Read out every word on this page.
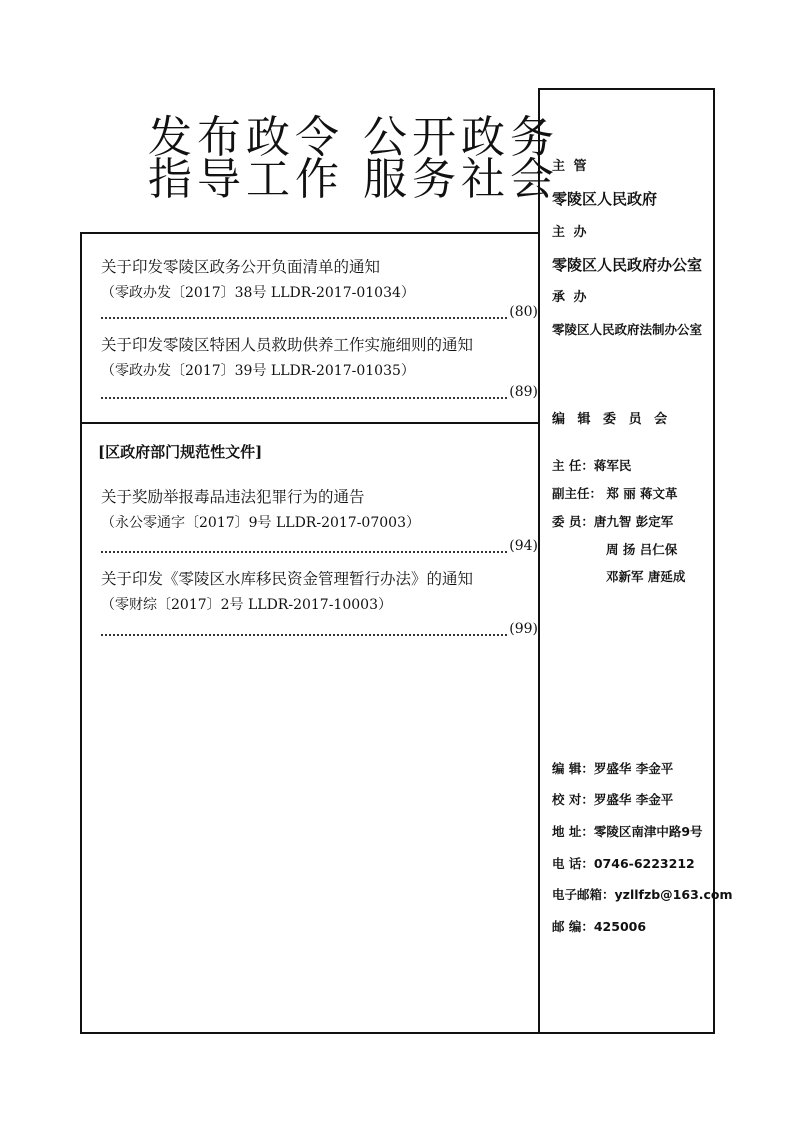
发布政令 公开政务
指导工作 服务社会
关于印发零陵区政务公开负面清单的通知
（零政办发〔2017〕38号 LLDR-2017-01034）
(80)
关于印发零陵区特困人员救助供养工作实施细则的通知
（零政办发〔2017〕39号 LLDR-2017-01035）
(89)
[区政府部门规范性文件]
关于奖励举报毒品违法犯罪行为的通告
（永公零通字〔2017〕9号 LLDR-2017-07003）
(94)
关于印发《零陵区水库移民资金管理暂行办法》的通知
（零财综〔2017〕2号 LLDR-2017-10003）
(99)
主 管
零陵区人民政府
主 办
零陵区人民政府办公室
承 办
零陵区人民政府法制办公室
编 辑 委 员 会
主 任：蒋军民
副主任： 郑 丽 蒋文革
委 员：唐九智 彭定军
周 扬 吕仁保
邓新军 唐延成
编 辑：罗盛华 李金平
校 对：罗盛华 李金平
地 址：零陵区南津中路9号
电 话：0746-6223212
电子邮箱：yzllfzb@163.com
邮 编：425006
